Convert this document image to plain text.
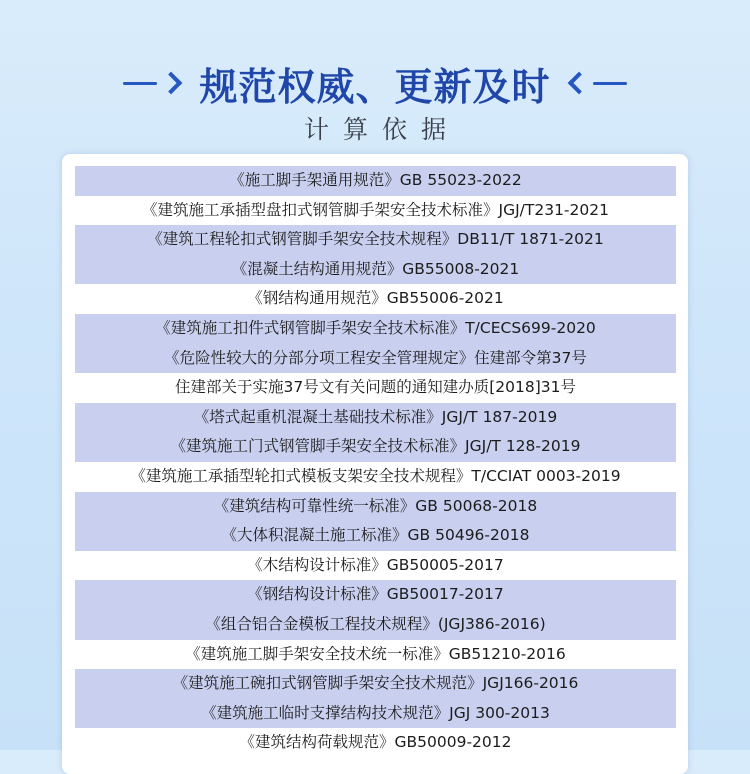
规范权威、更新及时
计算依据
《施工脚手架通用规范》GB 55023-2022
《建筑施工承插型盘扣式钢管脚手架安全技术标准》JGJ/T231-2021
《建筑工程轮扣式钢管脚手架安全技术规程》DB11/T 1871-2021
《混凝土结构通用规范》GB55008-2021
《钢结构通用规范》GB55006-2021
《建筑施工扣件式钢管脚手架安全技术标准》T/CECS699-2020
《危险性较大的分部分项工程安全管理规定》住建部令第37号
住建部关于实施37号文有关问题的通知建办质[2018]31号
《塔式起重机混凝土基础技术标准》JGJ/T 187-2019
《建筑施工门式钢管脚手架安全技术标准》JGJ/T 128-2019
《建筑施工承插型轮扣式模板支架安全技术规程》T/CCIAT 0003-2019
《建筑结构可靠性统一标准》GB 50068-2018
《大体积混凝土施工标准》GB 50496-2018
《木结构设计标准》GB50005-2017
《钢结构设计标准》GB50017-2017
《组合铝合金模板工程技术规程》(JGJ386-2016)
《建筑施工脚手架安全技术统一标准》GB51210-2016
《建筑施工碗扣式钢管脚手架安全技术规范》JGJ166-2016
《建筑施工临时支撑结构技术规范》JGJ 300-2013
《建筑结构荷载规范》GB50009-2012
